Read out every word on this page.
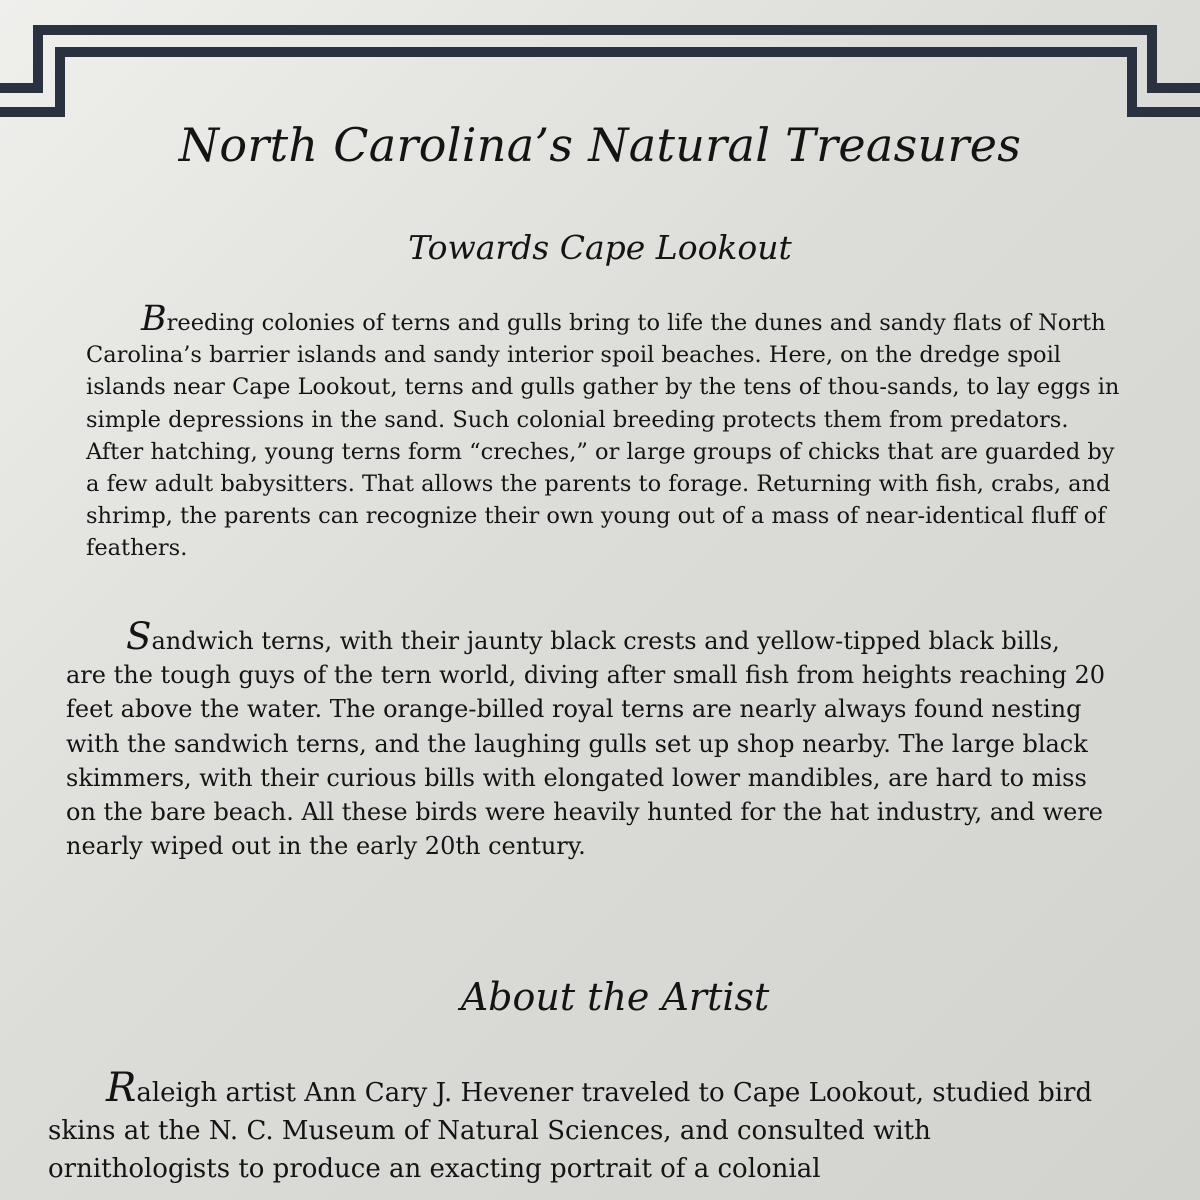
North Carolina’s Natural Treasures
Towards Cape Lookout

Breeding colonies of terns and gulls bring to life the dunes and sandy flats of North Carolina’s barrier islands and sandy interior spoil beaches. Here, on the dredge spoil islands near Cape Lookout, terns and gulls gather by the tens of thou-sands, to lay eggs in simple depressions in the sand. Such colonial breeding protects them from predators. After hatching, young terns form “creches,” or large groups of chicks that are guarded by a few adult babysitters. That allows the parents to forage. Returning with fish, crabs, and shrimp, the parents can recognize their own young out of a mass of near-identical fluff of feathers.

Sandwich terns, with their jaunty black crests and yellow-tipped black bills, are the tough guys of the tern world, diving after small fish from heights reaching 20 feet above the water. The orange-billed royal terns are nearly always found nesting with the sandwich terns, and the laughing gulls set up shop nearby. The large black skimmers, with their curious bills with elongated lower mandibles, are hard to miss on the bare beach. All these birds were heavily hunted for the hat industry, and were nearly wiped out in the early 20th century.

About the Artist

Raleigh artist Ann Cary J. Hevener traveled to Cape Lookout, studied bird skins at the N. C. Museum of Natural Sciences, and consulted with ornithologists to produce an exacting portrait of a colonial
